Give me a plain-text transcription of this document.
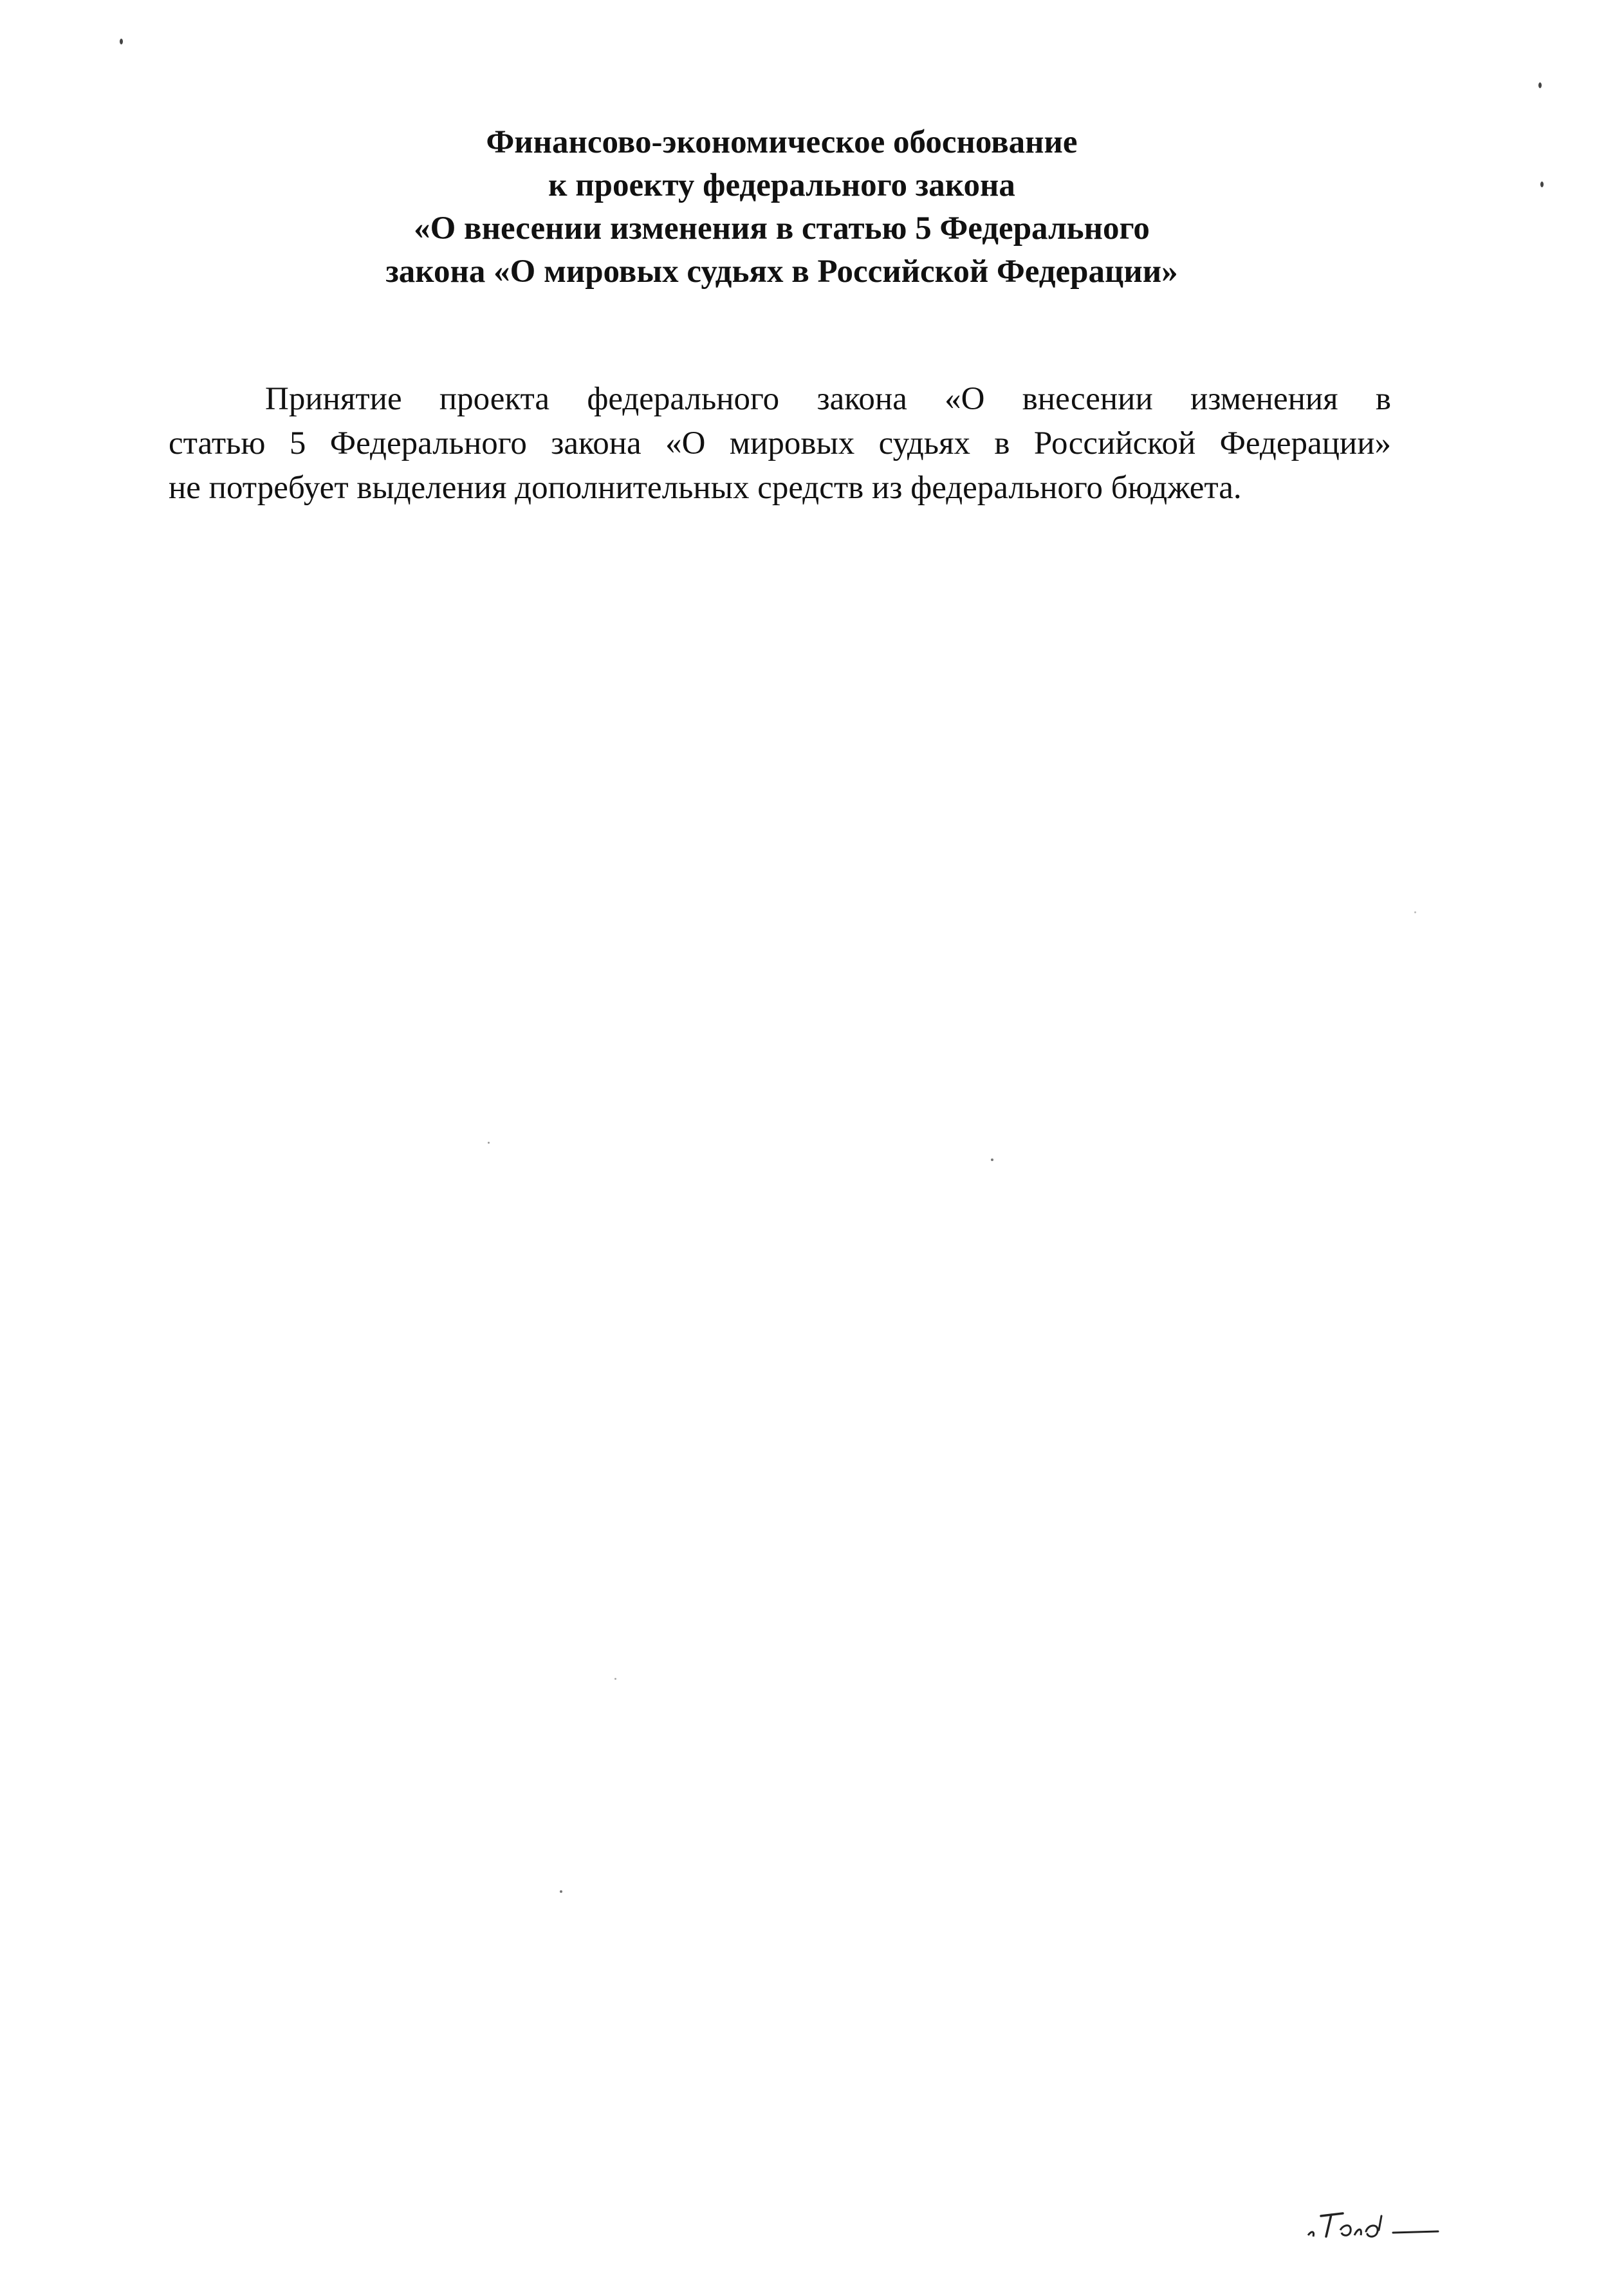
Финансово-экономическое обоснование
к проекту федерального закона
«О внесении изменения в статью 5 Федерального
закона «О мировых судьях в Российской Федерации»
Принятие проекта федерального закона «О внесении изменения в
статью 5 Федерального закона «О мировых судьях в Российской Федерации»
не потребует выделения дополнительных средств из федерального бюджета.
